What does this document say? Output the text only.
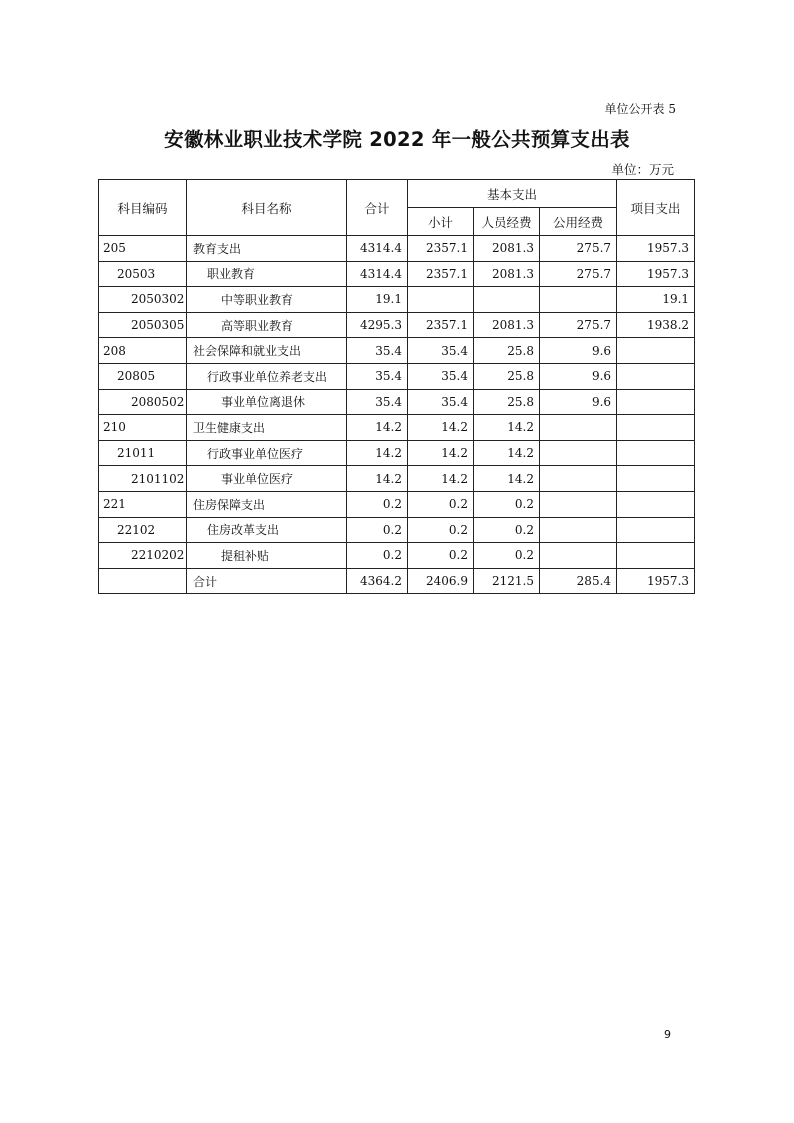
单位公开表 5
安徽林业职业技术学院 2022 年一般公共预算支出表
单位：万元
科目编码	科目名称	合计	基本支出			项目支出
			小计	人员经费	公用经费	
205	教育支出	4314.4	2357.1	2081.3	275.7	1957.3
20503	职业教育	4314.4	2357.1	2081.3	275.7	1957.3
2050302	中等职业教育	19.1				19.1
2050305	高等职业教育	4295.3	2357.1	2081.3	275.7	1938.2
208	社会保障和就业支出	35.4	35.4	25.8	9.6	
20805	行政事业单位养老支出	35.4	35.4	25.8	9.6	
2080502	事业单位离退休	35.4	35.4	25.8	9.6	
210	卫生健康支出	14.2	14.2	14.2		
21011	行政事业单位医疗	14.2	14.2	14.2		
2101102	事业单位医疗	14.2	14.2	14.2		
221	住房保障支出	0.2	0.2	0.2		
22102	住房改革支出	0.2	0.2	0.2		
2210202	提租补贴	0.2	0.2	0.2		
	合计	4364.2	2406.9	2121.5	285.4	1957.3
9
